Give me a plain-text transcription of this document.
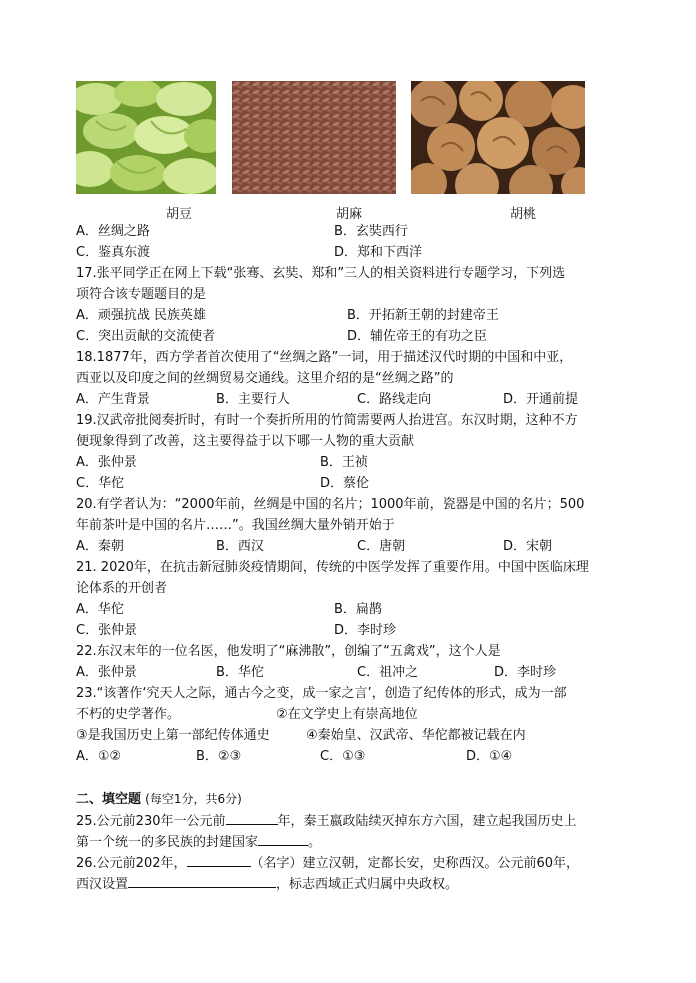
胡豆	胡麻	胡桃
A．丝绸之路	B．玄奘西行
C．鉴真东渡	D．郑和下西洋
17.张平同学正在网上下载“张骞、玄奘、郑和”三人的相关资料进行专题学习，下列选
项符合该专题题目的是
A．顽强抗战 民族英雄	B．开拓新王朝的封建帝王
C．突出贡献的交流使者	D．辅佐帝王的有功之臣
18.1877年，西方学者首次使用了“丝绸之路”一词，用于描述汉代时期的中国和中亚，
西亚以及印度之间的丝绸贸易交通线。这里介绍的是“丝绸之路”的
A．产生背景	B．主要行人	C．路线走向	D．开通前提
19.汉武帝批阅奏折时，有时一个奏折所用的竹简需要两人抬进宫。东汉时期，这种不方
便现象得到了改善，这主要得益于以下哪一人物的重大贡献
A．张仲景	B．王祯
C．华佗	D．蔡伦
20.有学者认为：“2000年前，丝绸是中国的名片；1000年前，瓷器是中国的名片；500
年前茶叶是中国的名片……”。我国丝绸大量外销开始于
A．秦朝	B．西汉	C．唐朝	D．宋朝
21. 2020年，在抗击新冠肺炎疫情期间，传统的中医学发挥了重要作用。中国中医临床理
论体系的开创者
A．华佗	B．扁鹊
C．张仲景	D．李时珍
22.东汉末年的一位名医，他发明了“麻沸散”，创编了“五禽戏”，这个人是
A．张仲景	B．华佗	C．祖冲之	D．李时珍
23.“该著作‘究天人之际，通古今之变，成一家之言’，创造了纪传体的形式，成为一部
不朽的史学著作。	②在文学史上有崇高地位
③是我国历史上第一部纪传体通史	④秦始皇、汉武帝、华佗都被记载在内
A．①②	B．②③	C．①③	D．①④
二、填空题 (每空1分，共6分)
25.公元前230年一公元前	年，秦王嬴政陆续灭掉东方六国，建立起我国历史上
第一个统一的多民族的封建国家	。
26.公元前202年，	（名字）建立汉朝，定都长安，史称西汉。公元前60年，
西汉设置	，标志西域正式归属中央政权。
